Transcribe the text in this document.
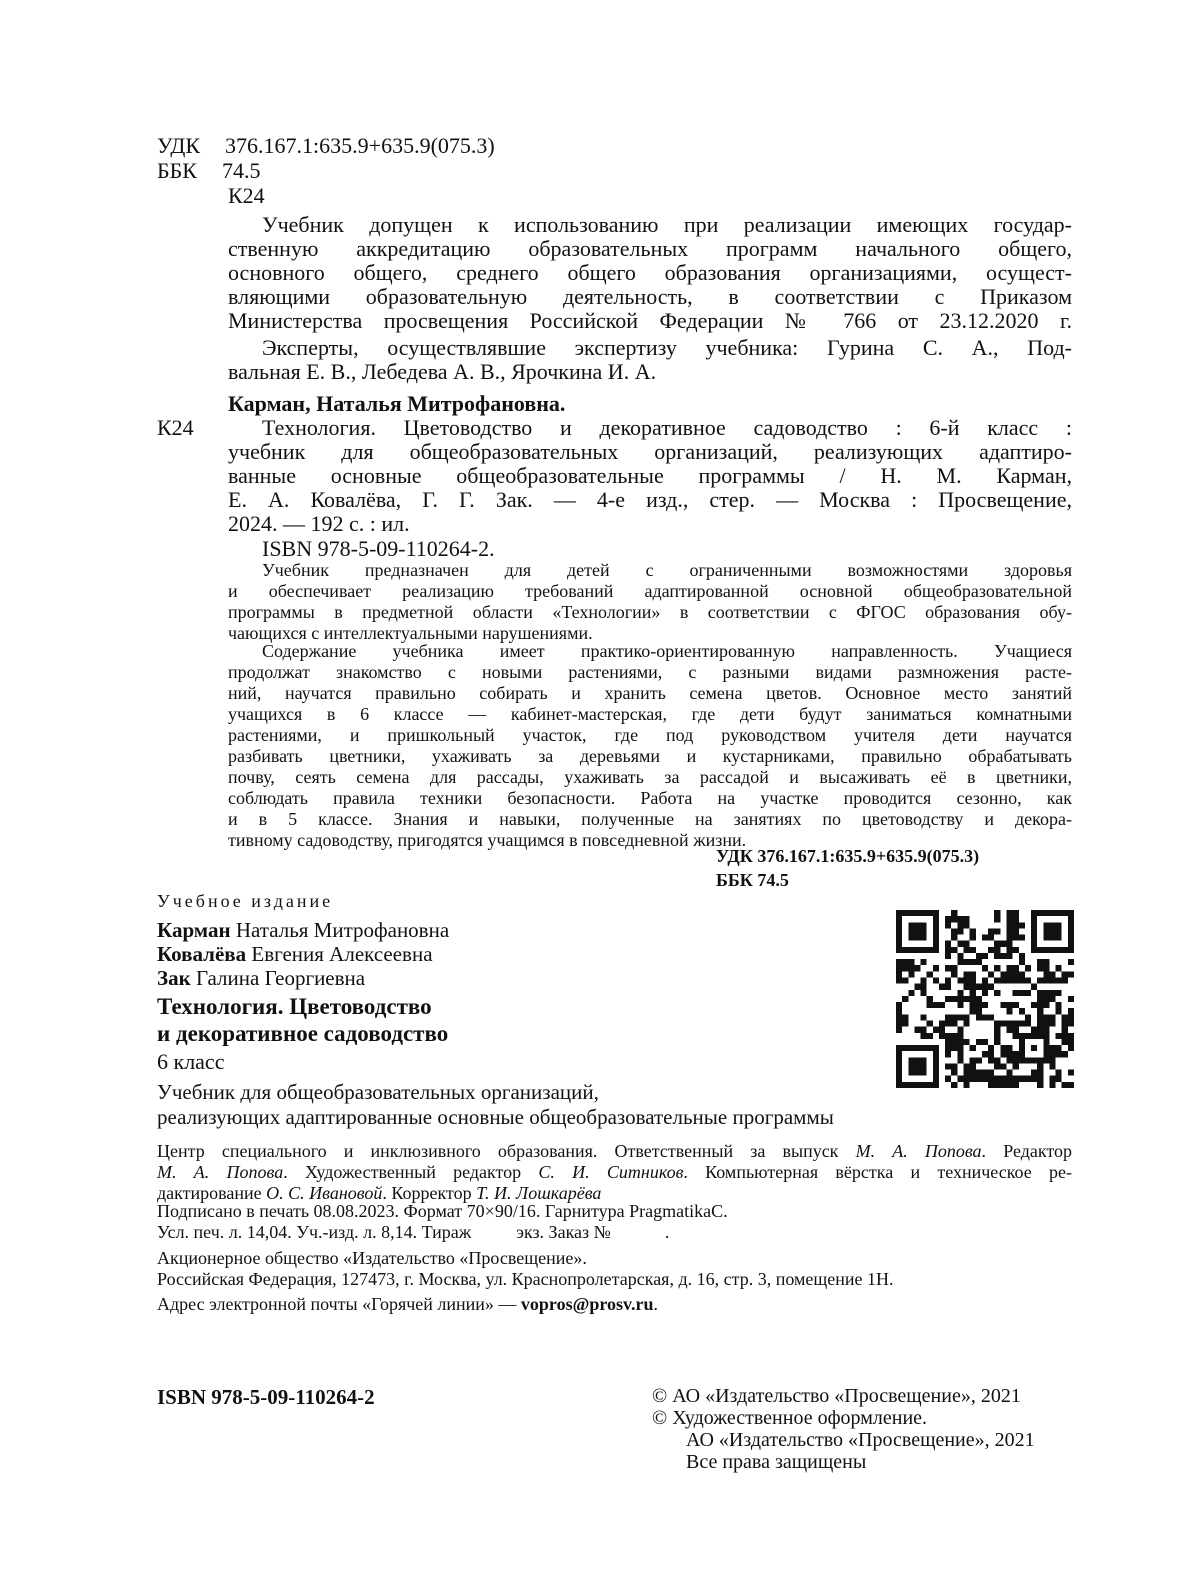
УДК 376.167.1:635.9+635.9(075.3)
ББК 74.5
К24
Учебник допущен к использованию при реализации имеющих государ-
ственную аккредитацию образовательных программ начального общего,
основного общего, среднего общего образования организациями, осущест-
вляющими образовательную деятельность, в соответствии с Приказом
Министерства просвещения Российской Федерации № 766 от 23.12.2020 г.
Эксперты, осуществлявшие экспертизу учебника: Гурина С. А., Под-
вальная Е. В., Лебедева А. В., Ярочкина И. А.
Карман, Наталья Митрофановна.
К24	Технология. Цветоводство и декоративное садоводство : 6-й класс :
учебник для общеобразовательных организаций, реализующих адаптиро-
ванные основные общеобразовательные программы / Н. М. Карман,
Е. А. Ковалёва, Г. Г. Зак. — 4-е изд., стер. — Москва : Просвещение,
2024. — 192 с. : ил.
ISBN 978-5-09-110264-2.
Учебник предназначен для детей с ограниченными возможностями здоровья
и обеспечивает реализацию требований адаптированной основной общеобразовательной
программы в предметной области «Технологии» в соответствии с ФГОС образования обу-
чающихся с интеллектуальными нарушениями.
Содержание учебника имеет практико-ориентированную направленность. Учащиеся
продолжат знакомство с новыми растениями, с разными видами размножения расте-
ний, научатся правильно собирать и хранить семена цветов. Основное место занятий
учащихся в 6 классе — кабинет-мастерская, где дети будут заниматься комнатными
растениями, и пришкольный участок, где под руководством учителя дети научатся
разбивать цветники, ухаживать за деревьями и кустарниками, правильно обрабатывать
почву, сеять семена для рассады, ухаживать за рассадой и высаживать её в цветники,
соблюдать правила техники безопасности. Работа на участке проводится сезонно, как
и в 5 классе. Знания и навыки, полученные на занятиях по цветоводству и декора-
тивному садоводству, пригодятся учащимся в повседневной жизни.
УДК 376.167.1:635.9+635.9(075.3)
ББК 74.5
Учебное издание
Карман Наталья Митрофановна
Ковалёва Евгения Алексеевна
Зак Галина Георгиевна
Технология. Цветоводство
и декоративное садоводство
6 класс
Учебник для общеобразовательных организаций,
реализующих адаптированные основные общеобразовательные программы
Центр специального и инклюзивного образования. Ответственный за выпуск М. А. Попова. Редактор
М. А. Попова. Художественный редактор С. И. Ситников. Компьютерная вёрстка и техническое ре-
дактирование О. С. Ивановой. Корректор Т. И. Лошкарёва
Подписано в печать 08.08.2023. Формат 70×90/16. Гарнитура PragmatikaC.
Усл. печ. л. 14,04. Уч.-изд. л. 8,14. Тираж          экз. Заказ №            .
Акционерное общество «Издательство «Просвещение».
Российская Федерация, 127473, г. Москва, ул. Краснопролетарская, д. 16, стр. 3, помещение 1Н.
Адрес электронной почты «Горячей линии» — vopros@prosv.ru.
ISBN 978-5-09-110264-2	© АО «Издательство «Просвещение», 2021
© Художественное оформление.
АО «Издательство «Просвещение», 2021
Все права защищены
